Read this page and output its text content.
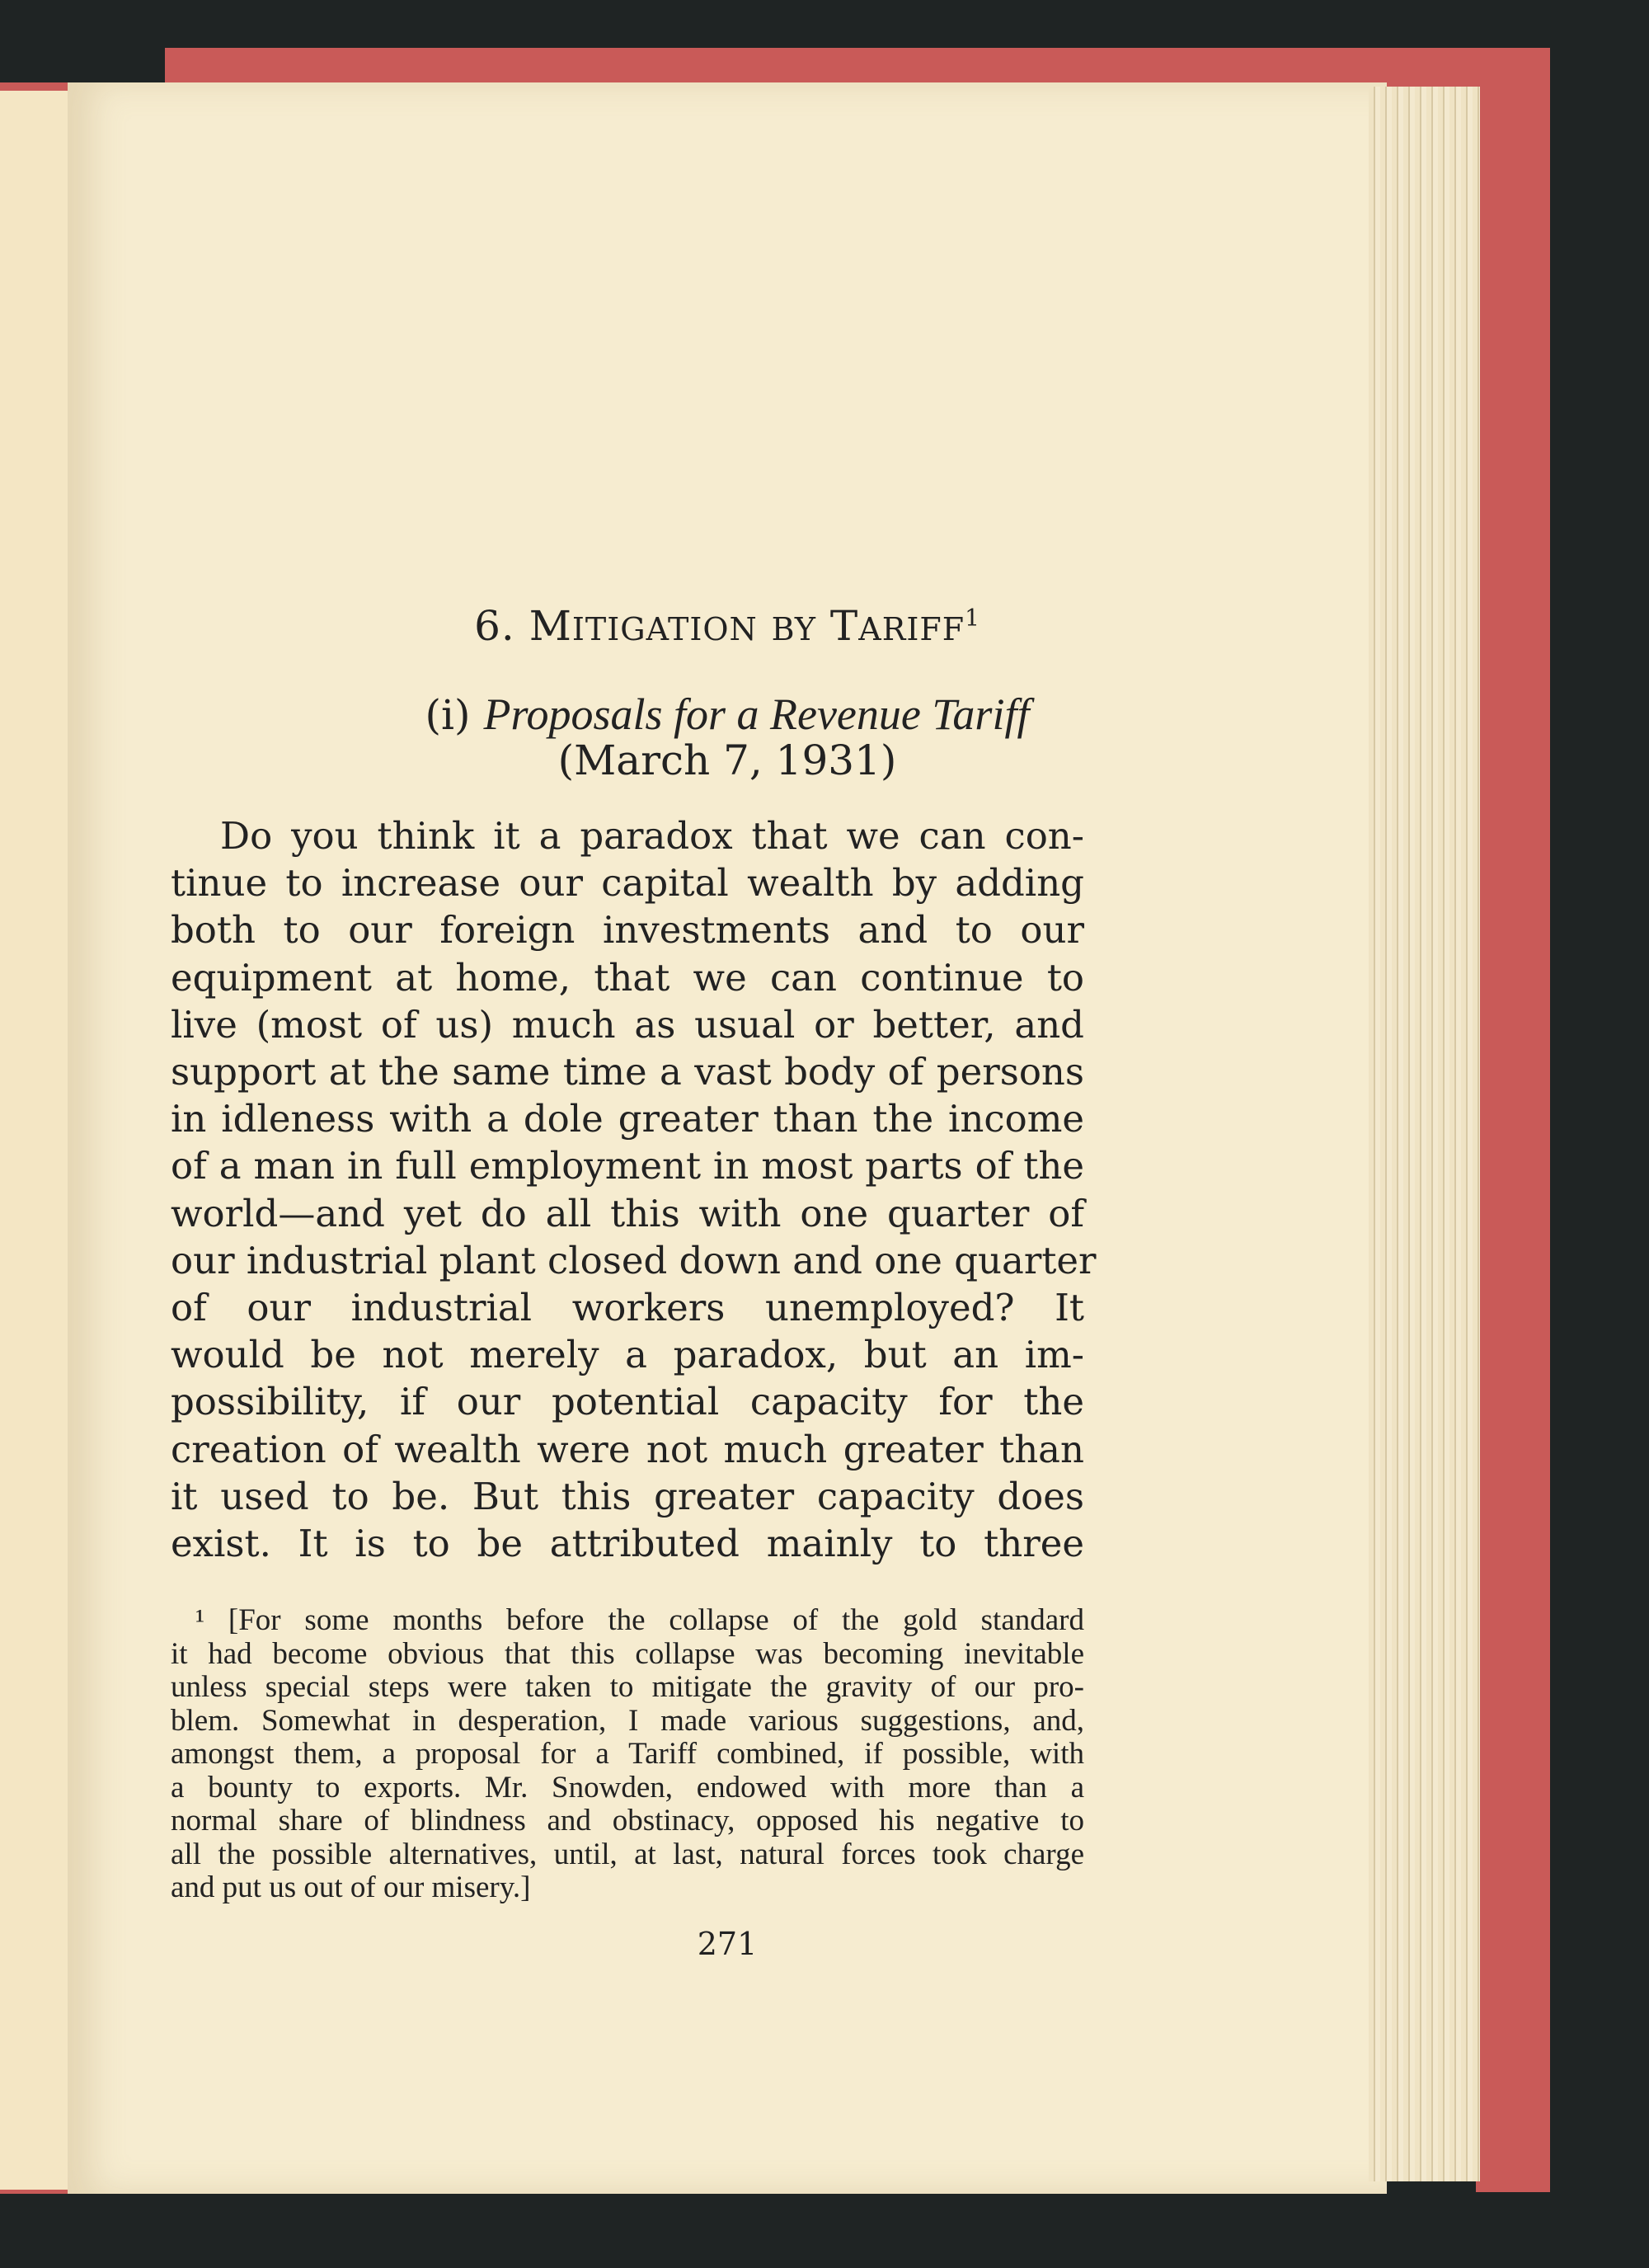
6. MITIGATION BY TARIFF$^1$
(i) Proposals for a Revenue Tariff
(March 7, 1931)
Do you think it a paradox that we can con-
tinue to increase our capital wealth by adding
both to our foreign investments and to our
equipment at home, that we can continue to
live (most of us) much as usual or better, and
support at the same time a vast body of persons
in idleness with a dole greater than the income
of a man in full employment in most parts of the
world—and yet do all this with one quarter of
our industrial plant closed down and one quarter
of our industrial workers unemployed? It
would be not merely a paradox, but an im-
possibility, if our potential capacity for the
creation of wealth were not much greater than
it used to be. But this greater capacity does
exist. It is to be attributed mainly to three
¹ [For some months before the collapse of the gold standard
it had become obvious that this collapse was becoming inevitable
unless special steps were taken to mitigate the gravity of our pro-
blem. Somewhat in desperation, I made various suggestions, and,
amongst them, a proposal for a Tariff combined, if possible, with
a bounty to exports. Mr. Snowden, endowed with more than a
normal share of blindness and obstinacy, opposed his negative to
all the possible alternatives, until, at last, natural forces took charge
and put us out of our misery.]
271
